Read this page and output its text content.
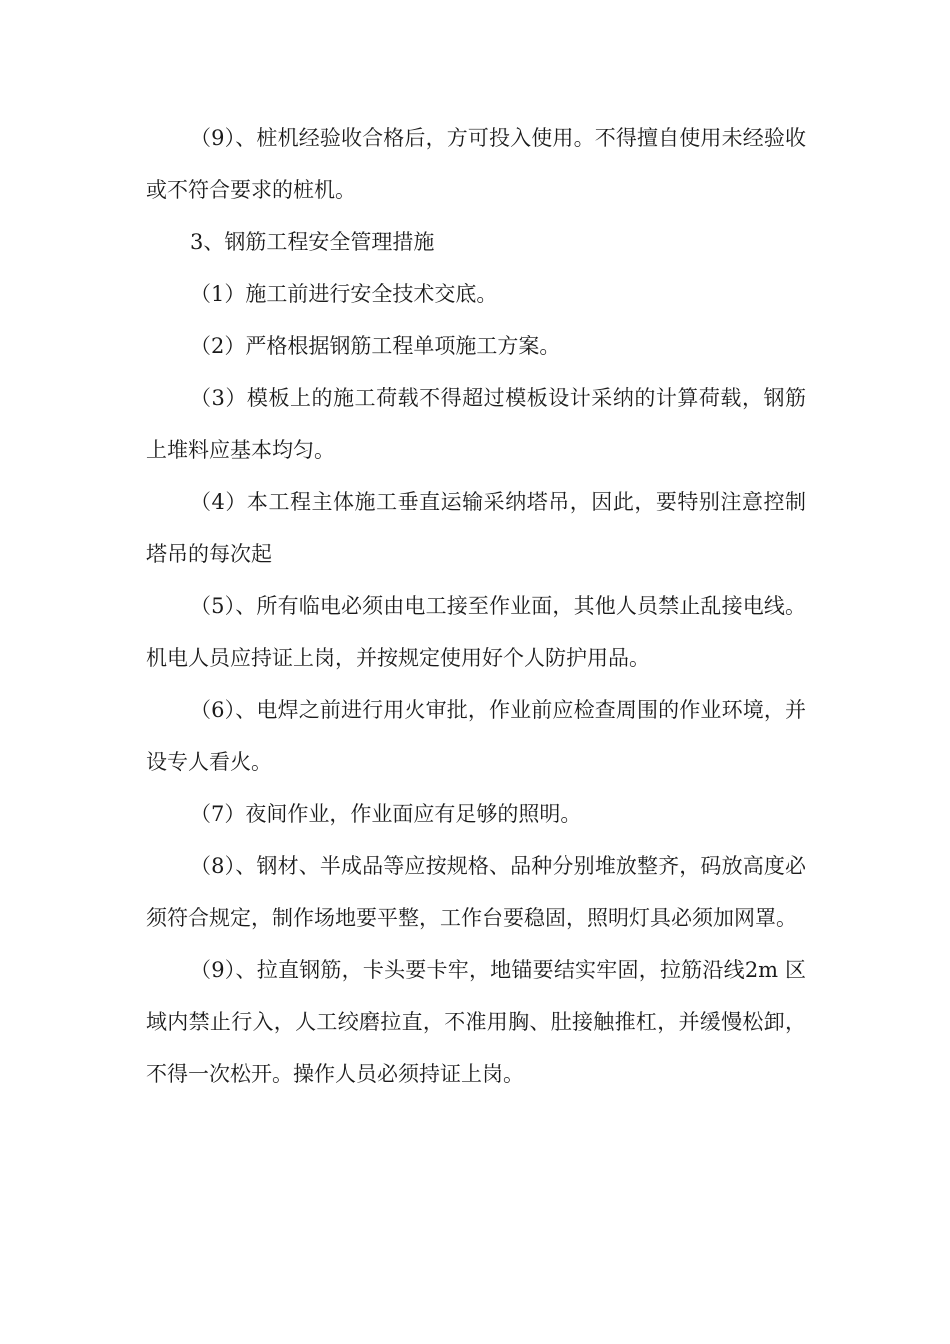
（9）、桩机经验收合格后，方可投入使用。不得擅自使用未经验收或不符合要求的桩机。

3、钢筋工程安全管理措施

（1）施工前进行安全技术交底。

（2）严格根据钢筋工程单项施工方案。

（3）模板上的施工荷载不得超过模板设计采纳的计算荷载，钢筋上堆料应基本均匀。

（4）本工程主体施工垂直运输采纳塔吊，因此，要特别注意控制塔吊的每次起

（5）、所有临电必须由电工接至作业面，其他人员禁止乱接电线。机电人员应持证上岗，并按规定使用好个人防护用品。

（6）、电焊之前进行用火审批，作业前应检查周围的作业环境，并设专人看火。

（7）夜间作业，作业面应有足够的照明。

（8）、钢材、半成品等应按规格、品种分别堆放整齐，码放高度必须符合规定，制作场地要平整，工作台要稳固，照明灯具必须加网罩。

（9）、拉直钢筋，卡头要卡牢，地锚要结实牢固，拉筋沿线2m 区域内禁止行入，人工绞磨拉直，不准用胸、肚接触推杠，并缓慢松卸，不得一次松开。操作人员必须持证上岗。
